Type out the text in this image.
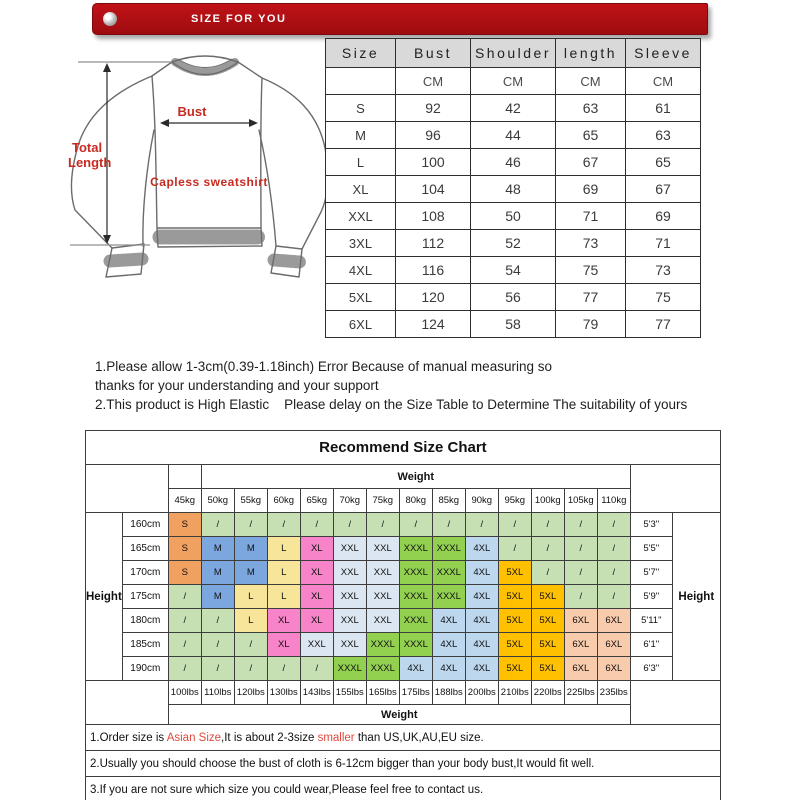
SIZE FOR YOU
Bust
Total
Length
Capless sweatshirt
Size	Bust	Shoulder	length	Sleeve
	CM	CM	CM	CM
S	92	42	63	61
M	96	44	65	63
L	100	46	67	65
XL	104	48	69	67
XXL	108	50	71	69
3XL	112	52	73	71
4XL	116	54	75	73
5XL	120	56	77	75
6XL	124	58	79	77
1.Please allow 1-3cm(0.39-1.18inch) Error Because of manual measuring so
thanks for your understanding and your support
2.This product is High Elastic    Please delay on the Size Table to Determine The suitability of yours
Recommend Size Chart																	
			Weight														
		45kg	50kg	55kg	60kg	65kg	70kg	75kg	80kg	85kg	90kg	95kg	100kg	105kg	110kg		
Height	160cm	S	/	/	/	/	/	/	/	/	/	/	/	/	/	5'3"	Height
	165cm	S	M	M	L	XL	XXL	XXL	XXXL	XXXL	4XL	/	/	/	/	5'5"	
	170cm	S	M	M	L	XL	XXL	XXL	XXXL	XXXL	4XL	5XL	/	/	/	5'7"	
	175cm	/	M	L	L	XL	XXL	XXL	XXXL	XXXL	4XL	5XL	5XL	/	/	5'9"	
	180cm	/	/	L	XL	XL	XXL	XXL	XXXL	4XL	4XL	5XL	5XL	6XL	6XL	5'11"	
	185cm	/	/	/	XL	XXL	XXL	XXXL	XXXL	4XL	4XL	5XL	5XL	6XL	6XL	6'1"	
	190cm	/	/	/	/	/	XXXL	XXXL	4XL	4XL	4XL	5XL	5XL	6XL	6XL	6'3"	
		100lbs	110lbs	120lbs	130lbs	143lbs	155lbs	165lbs	175lbs	188lbs	200lbs	210lbs	220lbs	225lbs	235lbs		
		Weight															
1.Order size is Asian Size,It is about 2-3size smaller than US,UK,AU,EU size.																	
2.Usually you should choose the bust of cloth is 6-12cm bigger than your body bust,It would fit well.																	
3.If you are not sure which size you could wear,Please feel free to contact us.																	
